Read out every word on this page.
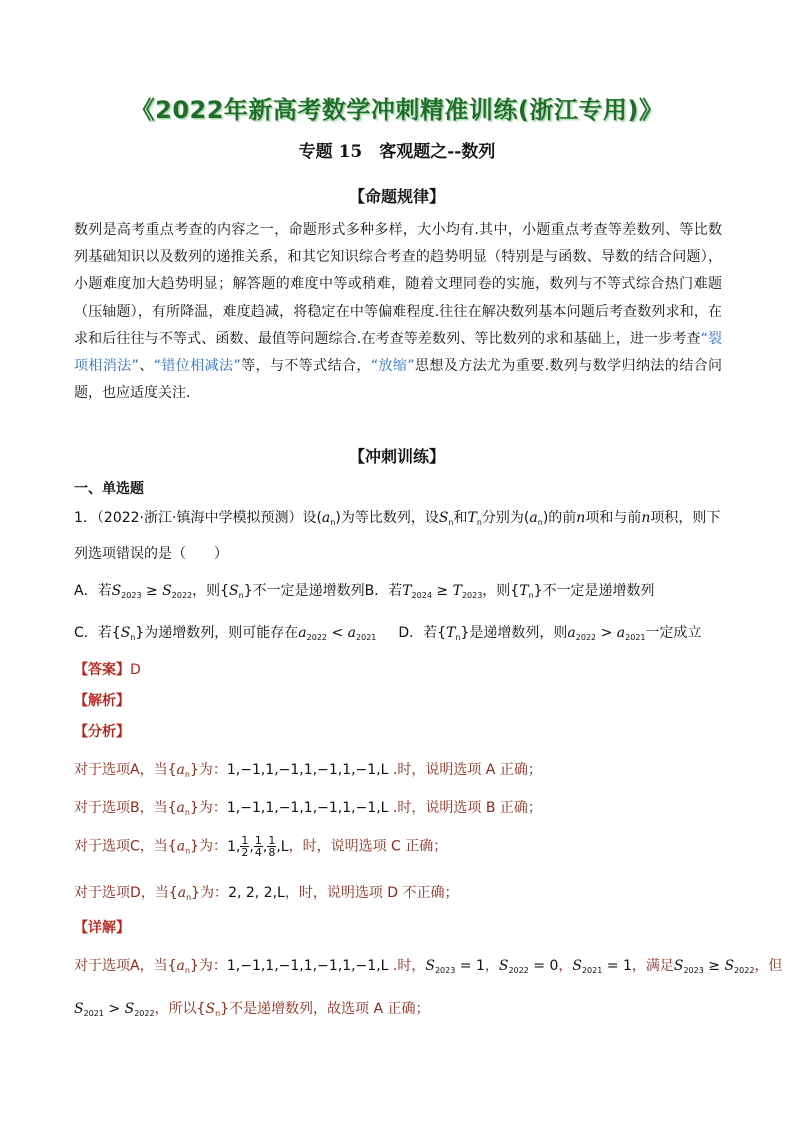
《2022年新高考数学冲刺精准训练(浙江专用)》
专题 15　客观题之--数列
【命题规律】
数列是高考重点考查的内容之一，命题形式多种多样，大小均有.其中，小题重点考查等差数列、等比数列基础知识以及数列的递推关系，和其它知识综合考查的趋势明显（特别是与函数、导数的结合问题），小题难度加大趋势明显；解答题的难度中等或稍难，随着文理同卷的实施，数列与不等式综合热门难题（压轴题），有所降温，难度趋减，将稳定在中等偏难程度.往往在解决数列基本问题后考查数列求和，在求和后往往与不等式、函数、最值等问题综合.在考查等差数列、等比数列的求和基础上，进一步考查“裂项相消法”、“错位相减法”等，与不等式结合，“放缩”思想及方法尤为重要.数列与数学归纳法的结合问题，也应适度关注.
【冲刺训练】
一、单选题
1．（2022·浙江·镇海中学模拟预测）设$(a_n)$为等比数列，设$S_n$和$T_n$分别为$(a_n)$的前n项和与前n项积，则下
列选项错误的是（　　）
A．若$S_{2023} \ge S_{2022}$，则$\{S_n\}$不一定是递增数列B．若$T_{2024} \ge T_{2023}$，则$\{T_n\}$不一定是递增数列
C．若$\{S_n\}$为递增数列，则可能存在$a_{2022} < a_{2021}$ D．若$\{T_n\}$是递增数列，则$a_{2022} > a_{2021}$一定成立
【答案】D
【解析】
【分析】
对于选项A，当$\{a_n\}$为：1,−1,1,−1,1,−1,1,−1,L .时，说明选项 A 正确；
对于选项B，当$\{a_n\}$为：1,−1,1,−1,1,−1,1,−1,L .时，说明选项 B 正确；
对于选项C，当$\{a_n\}$为：1, $\frac{1}{2}$ , $\frac{1}{4}$ , $\frac{1}{8} ,L$，时，说明选项 C 正确；
对于选项D，当$\{a_n\}$为：2, 2, 2,L，时，说明选项 D 不正确；
【详解】
对于选项A，当$\{a_n\}$为：1,−1,1,−1,1,−1,1,−1,L .时，$S_{2023} = 1$，$S_{2022} = 0$，$S_{2021} = 1$，满足$S_{2023} \ge S_{2022}$，但
$S_{2021} > S_{2022}$，所以$\{S_n\}$不是递增数列，故选项 A 正确；
